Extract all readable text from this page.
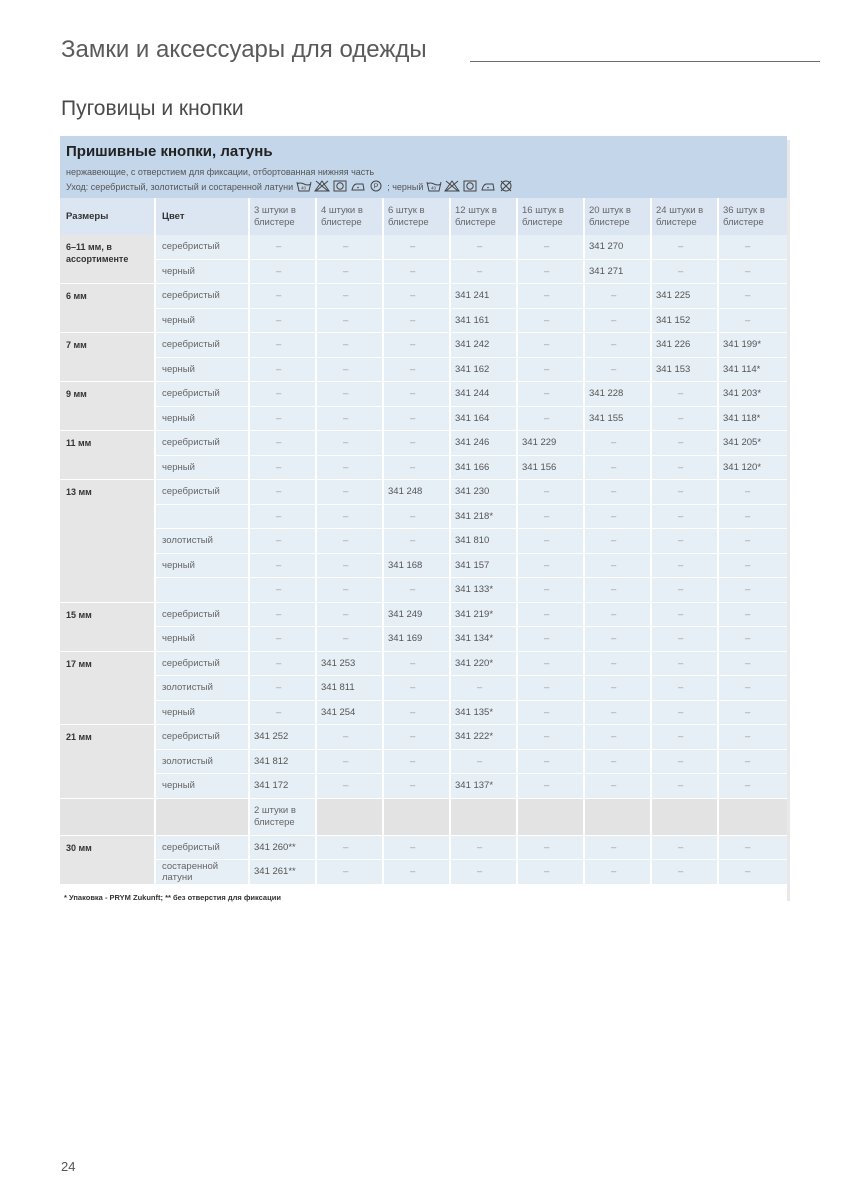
Замки и аксессуары для одежды
Пуговицы и кнопки
Пришивные кнопки, латунь
нержавеющие, с отверстием для фиксации, отбортованная нижняя часть
Уход: серебристый, золотистый и состаренной латуни 40	P ; черный 40
Размеры	Цвет	3 штуки в блистере	4 штуки в блистере	6 штук в блистере	12 штук в блистере	16 штук в блистере	20 штук в блистере	24 штуки в блистере	36 штук в блистере
6–11 мм, в ассортименте	серебристый	–	–	–	–	–	341 270	–	–
	черный	–	–	–	–	–	341 271	–	–
6 мм	серебристый	–	–	–	341 241	–	–	341 225	–
	черный	–	–	–	341 161	–	–	341 152	–
7 мм	серебристый	–	–	–	341 242	–	–	341 226	341 199*
	черный	–	–	–	341 162	–	–	341 153	341 114*
9 мм	серебристый	–	–	–	341 244	–	341 228	–	341 203*
	черный	–	–	–	341 164	–	341 155	–	341 118*
11 мм	серебристый	–	–	–	341 246	341 229	–	–	341 205*
	черный	–	–	–	341 166	341 156	–	–	341 120*
13 мм	серебристый	–	–	341 248	341 230	–	–	–	–
		–	–	–	341 218*	–	–	–	–
	золотистый	–	–	–	341 810	–	–	–	–
	черный	–	–	341 168	341 157	–	–	–	–
		–	–	–	341 133*	–	–	–	–
15 мм	серебристый	–	–	341 249	341 219*	–	–	–	–
	черный	–	–	341 169	341 134*	–	–	–	–
17 мм	серебристый	–	341 253	–	341 220*	–	–	–	–
	золотистый	–	341 811	–	–	–	–	–	–
	черный	–	341 254	–	341 135*	–	–	–	–
21 мм	серебристый	341 252	–	–	341 222*	–	–	–	–
	золотистый	341 812	–	–	–	–	–	–	–
	черный	341 172	–	–	341 137*	–	–	–	–
		2 штуки в блистере							
30 мм	серебристый	341 260**	–	–	–	–	–	–	–
	состаренной латуни	341 261**	–	–	–	–	–	–	–
* Упаковка - PRYM Zukunft; ** без отверстия для фиксации
24
